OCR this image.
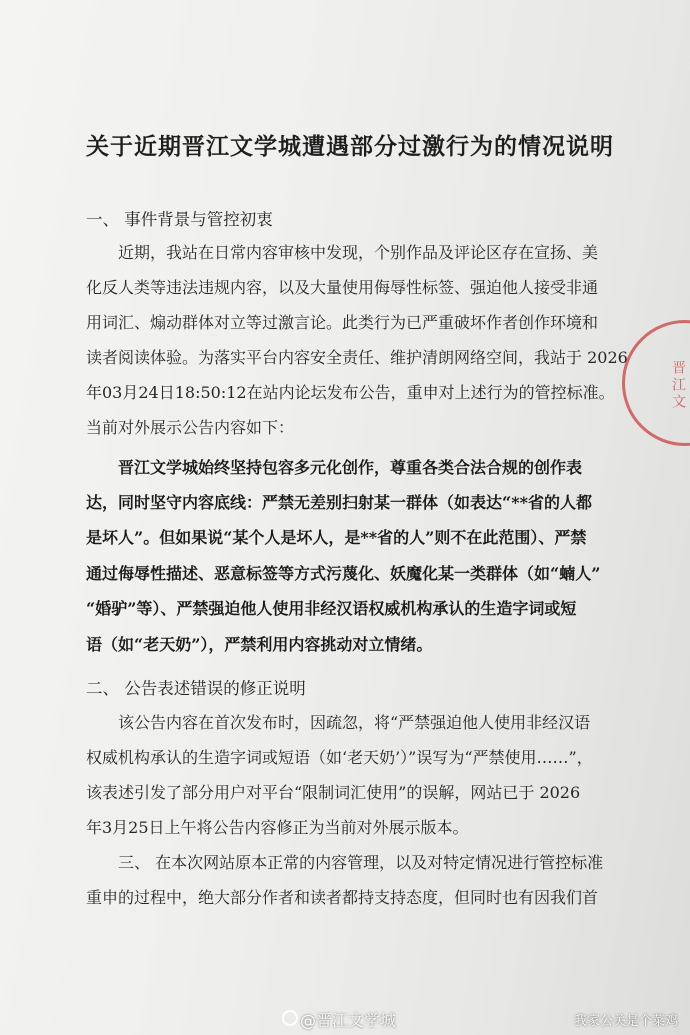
关于近期晋江文学城遭遇部分过激行为的情况说明
一、 事件背景与管控初衷
近期，我站在日常内容审核中发现，个别作品及评论区存在宣扬、美
化反人类等违法违规内容，以及大量使用侮辱性标签、强迫他人接受非通
用词汇、煽动群体对立等过激言论。此类行为已严重破坏作者创作环境和
读者阅读体验。为落实平台内容安全责任、维护清朗网络空间，我站于 2026
年03月24日18:50:12在站内论坛发布公告，重申对上述行为的管控标准。
当前对外展示公告内容如下：
晋江文学城始终坚持包容多元化创作，尊重各类合法合规的创作表
达，同时坚守内容底线：严禁无差别扫射某一群体（如表达“**省的人都
是坏人”。但如果说“某个人是坏人，是**省的人”则不在此范围）、严禁
通过侮辱性描述、恶意标签等方式污蔑化、妖魔化某一类群体（如“蝻人”
“婚驴”等）、严禁强迫他人使用非经汉语权威机构承认的生造字词或短
语（如“老天奶”），严禁利用内容挑动对立情绪。
二、 公告表述错误的修正说明
该公告内容在首次发布时，因疏忽，将“严禁强迫他人使用非经汉语
权威机构承认的生造字词或短语（如‘老天奶’）”误写为“严禁使用……”，
该表述引发了部分用户对平台“限制词汇使用”的误解，网站已于 2026
年3月25日上午将公告内容修正为当前对外展示版本。
三、 在本次网站原本正常的内容管理，以及对特定情况进行管控标准
重申的过程中，绝大部分作者和读者都持支持态度，但同时也有因我们首
晋江文
@晋江文学城	我家公关是个菜鸡
